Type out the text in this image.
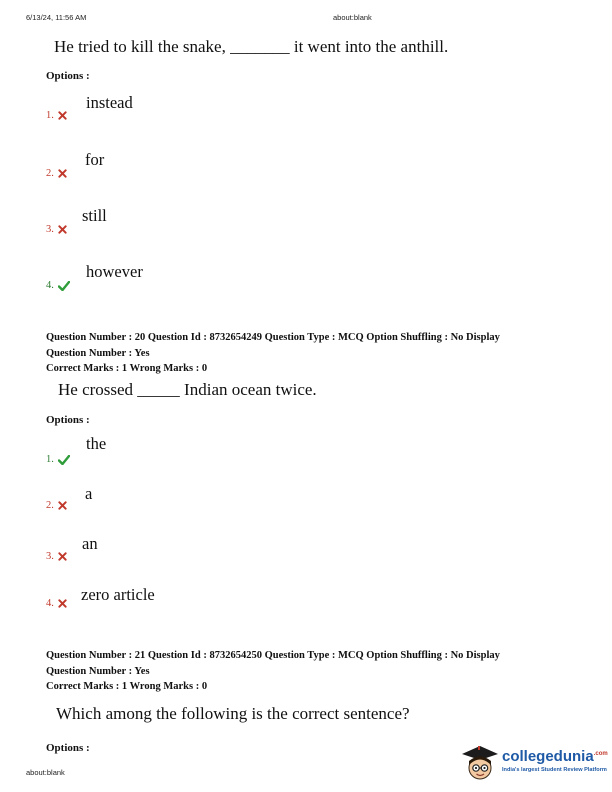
6/13/24, 11:56 AM	about:blank
He tried to kill the snake, _______ it went into the anthill.
Options :
instead
1.
for
2.
still
3.
however
4.
Question Number : 20 Question Id : 8732654249 Question Type : MCQ Option Shuffling : No Display
Question Number : Yes
Correct Marks : 1 Wrong Marks : 0
He crossed _____ Indian ocean twice.
Options :
the
1.
a
2.
an
3.
zero article
4.
Question Number : 21 Question Id : 8732654250 Question Type : MCQ Option Shuffling : No Display
Question Number : Yes
Correct Marks : 1 Wrong Marks : 0
Which among the following is the correct sentence?
Options :
about:blank
collegedunia$^{.com}$
India's largest Student Review Platform
